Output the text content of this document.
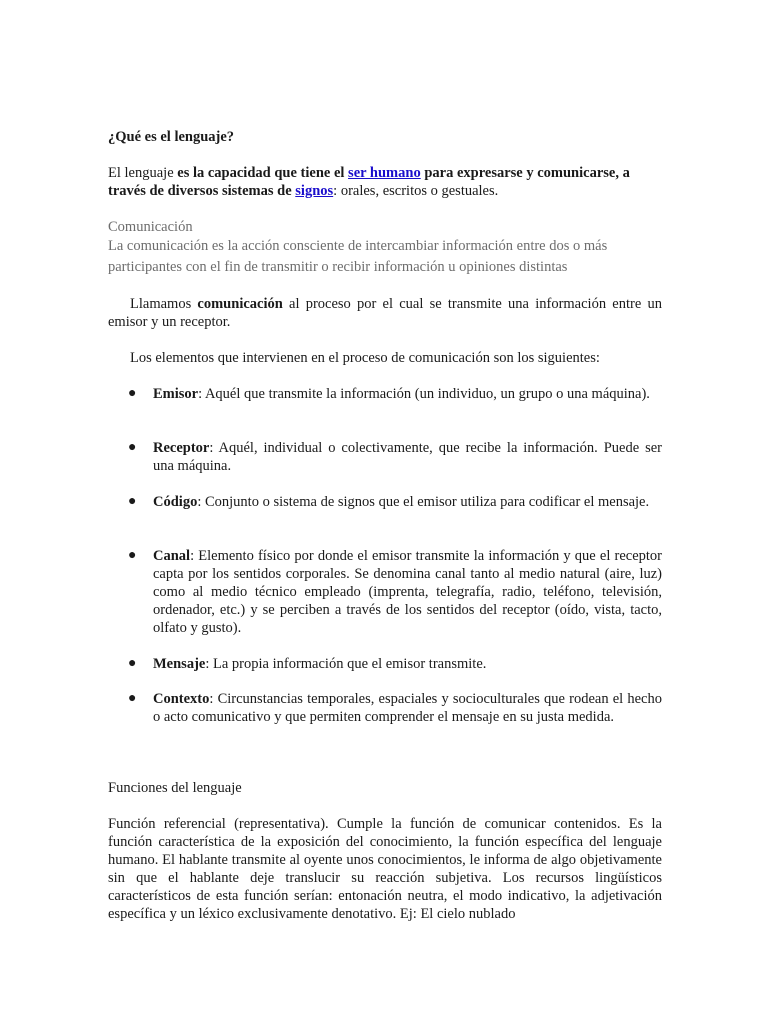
¿Qué es el lenguaje?

El lenguaje es la capacidad que tiene el ser humano para expresarse y comunicarse, a través de diversos sistemas de signos: orales, escritos o gestuales.

Comunicación

La comunicación es la acción consciente de intercambiar información entre dos o más participantes con el fin de transmitir o recibir información u opiniones distintas

Llamamos comunicación al proceso por el cual se transmite una información entre un emisor y un receptor.

Los elementos que intervienen en el proceso de comunicación son los siguientes:

● Emisor: Aquél que transmite la información (un individuo, un grupo o una máquina).
● Receptor: Aquél, individual o colectivamente, que recibe la información. Puede ser una máquina.
● Código: Conjunto o sistema de signos que el emisor utiliza para codificar el mensaje.
● Canal: Elemento físico por donde el emisor transmite la información y que el receptor capta por los sentidos corporales. Se denomina canal tanto al medio natural (aire, luz) como al medio técnico empleado (imprenta, telegrafía, radio, teléfono, televisión, ordenador, etc.) y se perciben a través de los sentidos del receptor (oído, vista, tacto, olfato y gusto).
● Mensaje: La propia información que el emisor transmite.
● Contexto: Circunstancias temporales, espaciales y socioculturales que rodean el hecho o acto comunicativo y que permiten comprender el mensaje en su justa medida.

Funciones del lenguaje

Función referencial (representativa). Cumple la función de comunicar contenidos. Es la función característica de la exposición del conocimiento, la función específica del lenguaje humano. El hablante transmite al oyente unos conocimientos, le informa de algo objetivamente sin que el hablante deje translucir su reacción subjetiva. Los recursos lingüísticos característicos de esta función serían: entonación neutra, el modo indicativo, la adjetivación específica y un léxico exclusivamente denotativo. Ej: El cielo nublado
